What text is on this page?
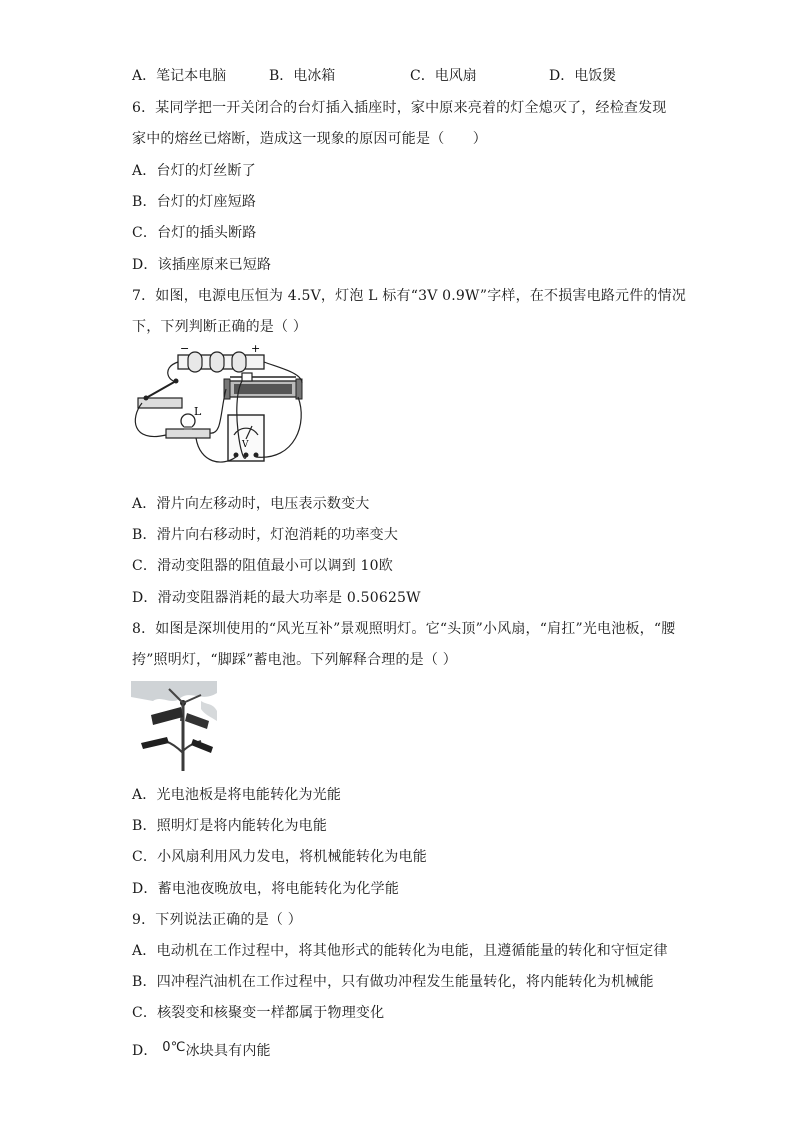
A．笔记本电脑	B．电冰箱	C．电风扇	D．电饭煲
6．某同学把一开关闭合的台灯插入插座时，家中原来亮着的灯全熄灭了，经检查发现
家中的熔丝已熔断，造成这一现象的原因可能是（　　）
A．台灯的灯丝断了
B．台灯的灯座短路
C．台灯的插头断路
D．该插座原来已短路
7．如图，电源电压恒为 4.5V，灯泡 L 标有“3V 0.9W”字样，在不损害电路元件的情况
下，下列判断正确的是（ ）
−	+
L
V
A．滑片向左移动时，电压表示数变大
B．滑片向右移动时，灯泡消耗的功率变大
C．滑动变阻器的阻值最小可以调到 10欧
D．滑动变阻器消耗的最大功率是 0.50625W
8．如图是深圳使用的“风光互补”景观照明灯。它“头顶”小风扇，“肩扛”光电池板，“腰
挎”照明灯，“脚踩”蓄电池。下列解释合理的是（ ）
A．光电池板是将电能转化为光能
B．照明灯是将内能转化为电能
C．小风扇利用风力发电，将机械能转化为电能
D．蓄电池夜晚放电，将电能转化为化学能
9．下列说法正确的是（ ）
A．电动机在工作过程中，将其他形式的能转化为电能，且遵循能量的转化和守恒定律
B．四冲程汽油机在工作过程中，只有做功冲程发生能量转化，将内能转化为机械能
C．核裂变和核聚变一样都属于物理变化
D． 0℃冰块具有内能
